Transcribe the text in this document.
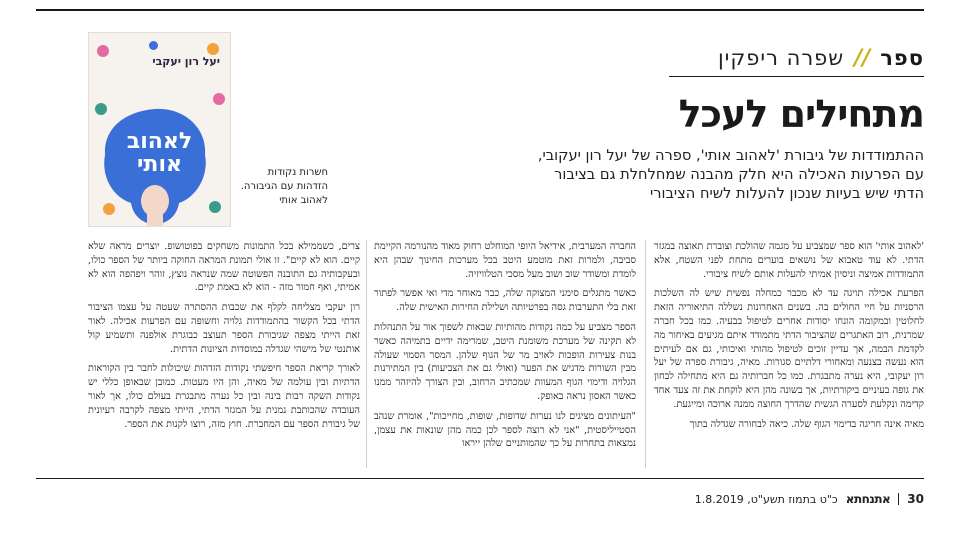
ספר
//
שפרה ריפקין
מתחילים לעכל

ההתמודדות של גיבורת 'לאהוב אותי', ספרה של יעל רון יעקובי, עם הפרעות האכילה היא חלק מהבנה שמחלחלת גם בציבור הדתי שיש בעיות שנכון להעלות לשיח הציבורי

יעל רון יעקבי
לאהוב
אותי	חשרות נקודות הזדהות עם הגיבורה. לאהוב אותי

'לאהוב אותי' הוא ספר שמצביע על מגמה שהולכת וצוברת תאוצה במגזר הדתי. לא עוד טאבוא של נושאים בוערים מתחת לפני השטח, אלא התמודדות אמיצה וניסיון אמיתי להעלות אותם לשיח ציבורי.

הפרעת אכילה תויגה עד לא מכבר כמחלה נפשית שיש לה השלכות הרסניות על חיי החולים בה. בשנים האחרונות נשללה התיאוריה הזאת לחלוטין ובמקומה הונחו יסודות אחרים לטיפול בבעיה. כמו בכל חברה שמרנית, רוב האתגרים שהציבור הדתי מתמודד איתם מגיעים באיחור מה לקדמת הבמה, אך עדיין זוכים לטיפול מהותי ואיכותי, גם אם לעיתים הוא נעשה בצנעה ומאחורי דלתיים סגורות. מאיה, גיבורת ספרה של יעל רון יעקובי, היא נערה מתבגרת. כמו כל חברותיה גם היא מתחילה לבחון את גופה בעיניים ביקורתיות, אך בשונה מהן היא לוקחת את זה צעד אחד קדימה ונקלעת לסערה הגשית שהדרך החוצה ממנה ארוכה ומייגעת.

מאיה אינה חריגה בדימוי הגוף שלה. כיאה לבחורה שגדלה בתוך

החברה המערבית, אידיאל היופי המוחלט רחוק מאוד מהנורמה הקיימת סביבה, ולמרות זאת מוטמע היטב בכל מערכות החינוך שבהן היא לומדת ומשודר שוב ושוב מעל מסכי הטלוויזיה.

כאשר מתגלים סימני המצוקה שלה, כבר מאוחר מדי ואי אפשר לפתור זאת בלי התערבות גסה בפרטיותה ושלילת החירות האישית שלה.

הספר מצביע על כמה נקודות מהותיות שבאות לשפוך אור על התנהלות לא תקינה של מערכת משומנת היטב, שמרימה ידיים בתמיהה כאשר בנות צעירות הופכות לאויב מר של הגוף שלהן. המסר הסמוי שעולה מבין השורות מדגיש את הפער (ואולי גם את הצביעות) בין המתירנות הגלויה ודימוי הגוף המעוות שמכתיב הרחוב, ובין הצורך להיזהר ממנו כאשר האסון נראה באופק.

"העיתונים מציגים לנו נערות שדופות, שופות, מחייכות", אומרת שנהב הסטייליסטית, "אני לא רוצה לספר לכן כמה מהן שונאות את עצמן, נמצאות בתחרות על כך שהמותניים שלהן ייראו

צרים, כשממילא בכל התמונות משחקים בפוטושופ. יוצרים מראה שלא קיים. הוא לא קיים". זו אולי תמונת המראה החוקה ביותר של הספר כולו, ובעקבותיה גם התובנה הפשוטה שמה שנראה נוצץ, זוהר ויפהפה הוא לא אמיתי, ואף חמור מזה - הוא לא באמת קיים.

רון יעקבי מצליחה לקלף את שכבות ההסתרה שעטה על עצמו הציבור הדתי בכל הקשור בהתמודדות גלויה וחשופה עם הפרעות אכילה. לאור זאת הייתי מצפה שגיבורת הספר תעוצב כבוגרת אולפנה ותשמיע קול אותנטי של מישהי שגדלה במוסדות הציונות הדתית.

לאורך קריאת הספר חיפשתי נקודות הזדהות שיכולות לחבר בין הקוראות הדתיות ובין עולמה של מאיה, והן היו מעטות. כמובן שבאופן כללי יש נקודות השקה רבות בינה ובין כל נערה מתבגרת בעולם כולו, אך לאור העובדה שהכותבת נמנית על המגזר הדתי, הייתי מצפה לקרבה רעיונית של גיבורת הספר עם המחברת. חוץ מזה, רוצו לקנות את הספר.

30
אתנחתא
כ"ט בתמוז תשע"ט, 1.8.2019
